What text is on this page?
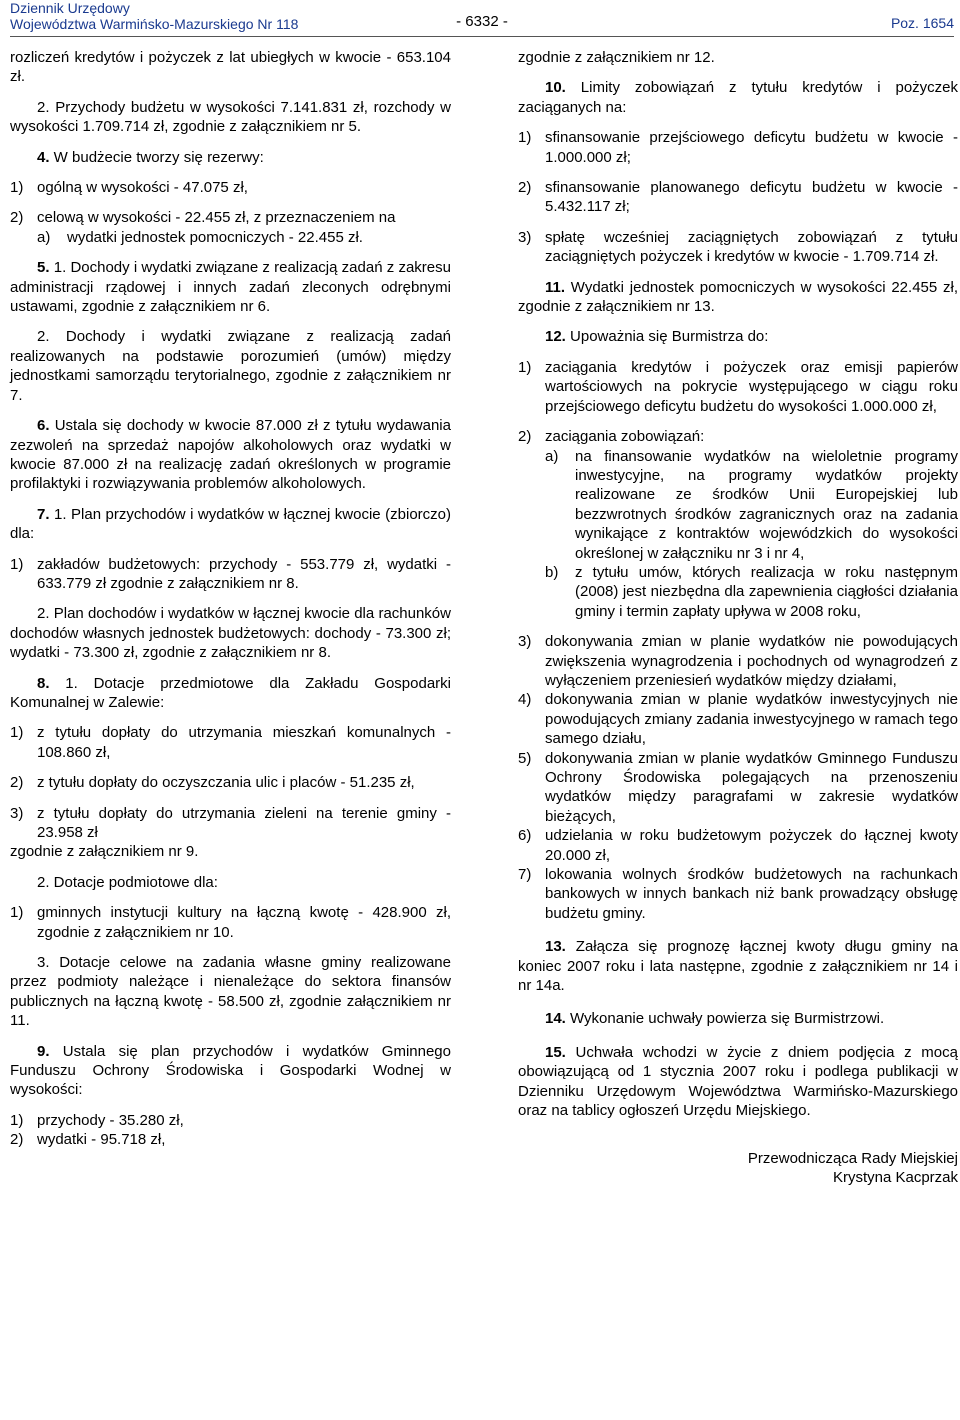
Dziennik Urzędowy
Województwa Warmińsko-Mazurskiego Nr 118	- 6332 -	Poz. 1654

rozliczeń kredytów i pożyczek z lat ubiegłych w kwocie - 653.104 zł.

2. Przychody budżetu w wysokości 7.141.831 zł, rozchody w wysokości 1.709.714 zł, zgodnie z załącznikiem nr 5.

4. W budżecie tworzy się rezerwy:

1) ogólną w wysokości - 47.075 zł,
2) celową w wysokości - 22.455 zł, z przeznaczeniem na
a)	wydatki jednostek pomocniczych - 22.455 zł.

5. 1. Dochody i wydatki związane z realizacją zadań z zakresu administracji rządowej i innych zadań zleconych odrębnymi ustawami, zgodnie z załącznikiem nr 6.

2. Dochody i wydatki związane z realizacją zadań realizowanych na podstawie porozumień (umów) między jednostkami samorządu terytorialnego, zgodnie z załącznikiem nr 7.

6. Ustala się dochody w kwocie 87.000 zł z tytułu wydawania zezwoleń na sprzedaż napojów alkoholowych oraz wydatki w kwocie 87.000 zł na realizację zadań określonych w programie profilaktyki i rozwiązywania problemów alkoholowych.

7. 1. Plan przychodów i wydatków w łącznej kwocie (zbiorczo) dla:

1) zakładów budżetowych: przychody - 553.779 zł, wydatki - 633.779 zł zgodnie z załącznikiem nr 8.

2. Plan dochodów i wydatków w łącznej kwocie dla rachunków dochodów własnych jednostek budżetowych: dochody - 73.300 zł; wydatki - 73.300 zł, zgodnie z załącznikiem nr 8.

8. 1. Dotacje przedmiotowe dla Zakładu Gospodarki Komunalnej w Zalewie:

1) z tytułu dopłaty do utrzymania mieszkań komunalnych - 108.860 zł,
2) z tytułu dopłaty do oczyszczania ulic i placów - 51.235 zł,
3) z tytułu dopłaty do utrzymania zieleni na terenie gminy - 23.958 zł

zgodnie z załącznikiem nr 9.

2. Dotacje podmiotowe dla:

1) gminnych instytucji kultury na łączną kwotę - 428.900 zł, zgodnie z załącznikiem nr 10.

3. Dotacje celowe na zadania własne gminy realizowane przez podmioty należące i nienależące do sektora finansów publicznych na łączną kwotę - 58.500 zł, zgodnie załącznikiem nr 11.

9. Ustala się plan przychodów i wydatków Gminnego Funduszu Ochrony Środowiska i Gospodarki Wodnej w wysokości:

1) przychody - 35.280 zł,
2) wydatki - 95.718 zł,

zgodnie z załącznikiem nr 12.

10. Limity zobowiązań z tytułu kredytów i pożyczek zaciąganych na:

1) sfinansowanie przejściowego deficytu budżetu w kwocie - 1.000.000 zł;
2) sfinansowanie planowanego deficytu budżetu w kwocie - 5.432.117 zł;
3) spłatę wcześniej zaciągniętych zobowiązań z tytułu zaciągniętych pożyczek i kredytów w kwocie - 1.709.714 zł.

11. Wydatki jednostek pomocniczych w wysokości 22.455 zł, zgodnie z załącznikiem nr 13.

12. Upoważnia się Burmistrza do:

1) zaciągania kredytów i pożyczek oraz emisji papierów wartościowych na pokrycie występującego w ciągu roku przejściowego deficytu budżetu do wysokości 1.000.000 zł,
2) zaciągania zobowiązań:
a)	na finansowanie wydatków na wieloletnie programy inwestycyjne, na programy wydatków projekty realizowane ze środków Unii Europejskiej lub bezzwrotnych środków zagranicznych oraz na zadania wynikające z kontraktów wojewódzkich do wysokości określonej w załączniku nr 3 i nr 4,
b)	z tytułu umów, których realizacja w roku następnym (2008) jest niezbędna dla zapewnienia ciągłości działania gminy i termin zapłaty upływa w 2008 roku,
3) dokonywania zmian w planie wydatków nie powodujących zwiększenia wynagrodzenia i pochodnych od wynagrodzeń z wyłączeniem przeniesień wydatków między działami,
4) dokonywania zmian w planie wydatków inwestycyjnych nie powodujących zmiany zadania inwestycyjnego w ramach tego samego działu,
5) dokonywania zmian w planie wydatków Gminnego Funduszu Ochrony Środowiska polegających na przenoszeniu wydatków między paragrafami w zakresie wydatków bieżących,
6) udzielania w roku budżetowym pożyczek do łącznej kwoty 20.000 zł,
7) lokowania wolnych środków budżetowych na rachunkach bankowych w innych bankach niż bank prowadzący obsługę budżetu gminy.

13. Załącza się prognozę łącznej kwoty długu gminy na koniec 2007 roku i lata następne, zgodnie z załącznikiem nr 14 i nr 14a.

14. Wykonanie uchwały powierza się Burmistrzowi.

15. Uchwała wchodzi w życie z dniem podjęcia z mocą obowiązującą od 1 stycznia 2007 roku i podlega publikacji w Dzienniku Urzędowym Województwa Warmińsko-Mazurskiego oraz na tablicy ogłoszeń Urzędu Miejskiego.

Przewodnicząca Rady Miejskiej

Krystyna Kacprzak
